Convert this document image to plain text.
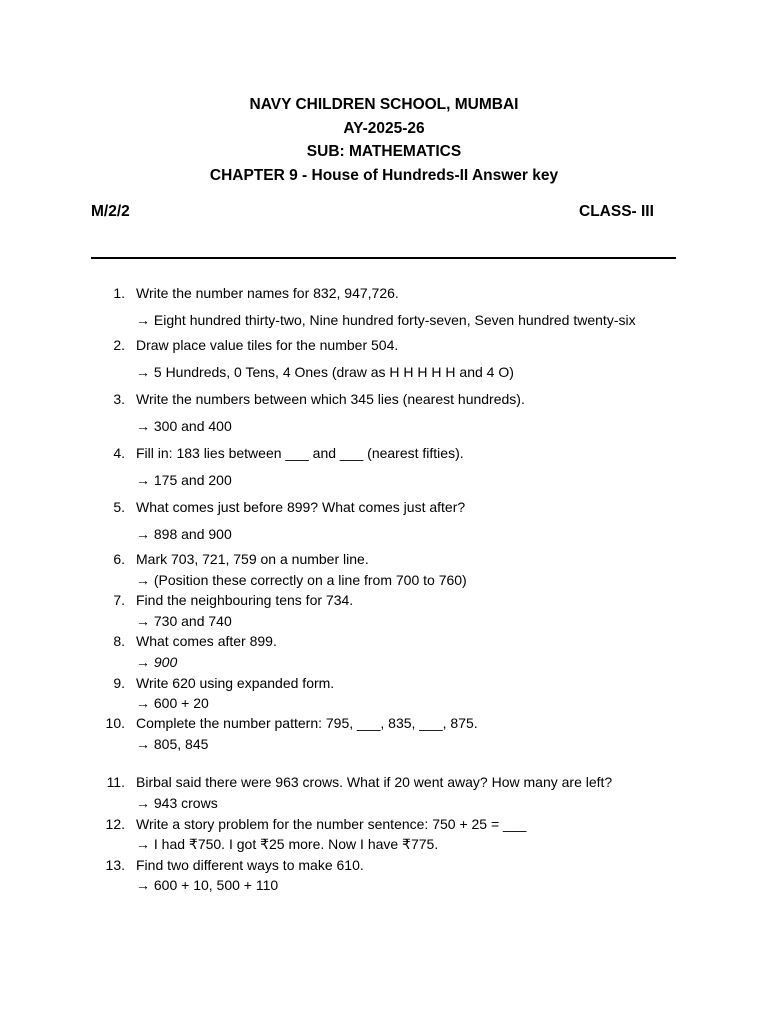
NAVY CHILDREN SCHOOL, MUMBAI
AY-2025-26
SUB: MATHEMATICS
CHAPTER 9 - House of Hundreds-II Answer key
M/2/2	CLASS- III
1. Write the number names for 832, 947,726.
→ Eight hundred thirty-two, Nine hundred forty-seven, Seven hundred twenty-six
2. Draw place value tiles for the number 504.
→ 5 Hundreds, 0 Tens, 4 Ones (draw as H H H H H and 4 O)
3. Write the numbers between which 345 lies (nearest hundreds).
→ 300 and 400
4. Fill in: 183 lies between ___ and ___ (nearest fifties).
→ 175 and 200
5. What comes just before 899? What comes just after?
→ 898 and 900
6. Mark 703, 721, 759 on a number line.
→ (Position these correctly on a line from 700 to 760)
7. Find the neighbouring tens for 734.
→ 730 and 740
8. What comes after 899.
→ 900
9. Write 620 using expanded form.
→ 600 + 20
10. Complete the number pattern: 795, ___, 835, ___, 875.
→ 805, 845
11. Birbal said there were 963 crows. What if 20 went away? How many are left?
→ 943 crows
12. Write a story problem for the number sentence: 750 + 25 = ___
→ I had ₹750. I got ₹25 more. Now I have ₹775.
13. Find two different ways to make 610.
→ 600 + 10, 500 + 110
